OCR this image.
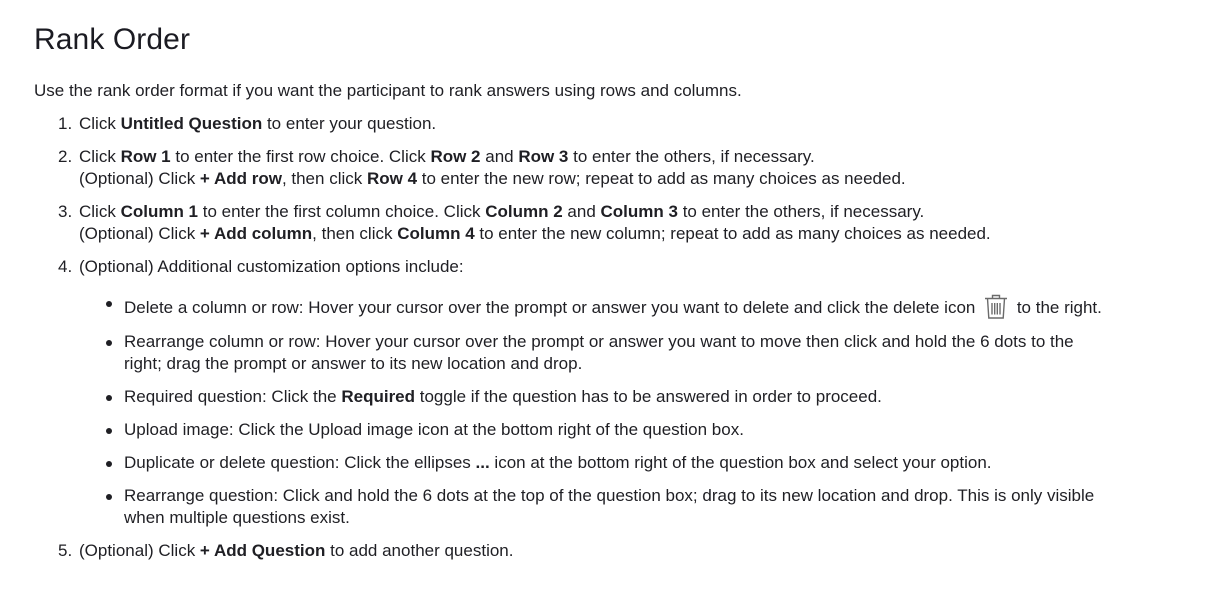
Rank Order

Use the rank order format if you want the participant to rank answers using rows and columns.

1. Click Untitled Question to enter your question.
2. Click Row 1 to enter the first row choice. Click Row 2 and Row 3 to enter the others, if necessary.
(Optional) Click + Add row, then click Row 4 to enter the new row; repeat to add as many choices as needed.
3. Click Column 1 to enter the first column choice. Click Column 2 and Column 3 to enter the others, if necessary.
(Optional) Click + Add column, then click Column 4 to enter the new column; repeat to add as many choices as needed.
4. (Optional) Additional customization options include:
Delete a column or row: Hover your cursor over the prompt or answer you want to delete and click the delete icon  to the right.
Rearrange column or row: Hover your cursor over the prompt or answer you want to move then click and hold the 6 dots to the right; drag the prompt or answer to its new location and drop.
Required question: Click the Required toggle if the question has to be answered in order to proceed.
Upload image: Click the Upload image icon at the bottom right of the question box.
Duplicate or delete question: Click the ellipses ... icon at the bottom right of the question box and select your option.
Rearrange question: Click and hold the 6 dots at the top of the question box; drag to its new location and drop. This is only visible when multiple questions exist.
5. (Optional) Click + Add Question to add another question.
